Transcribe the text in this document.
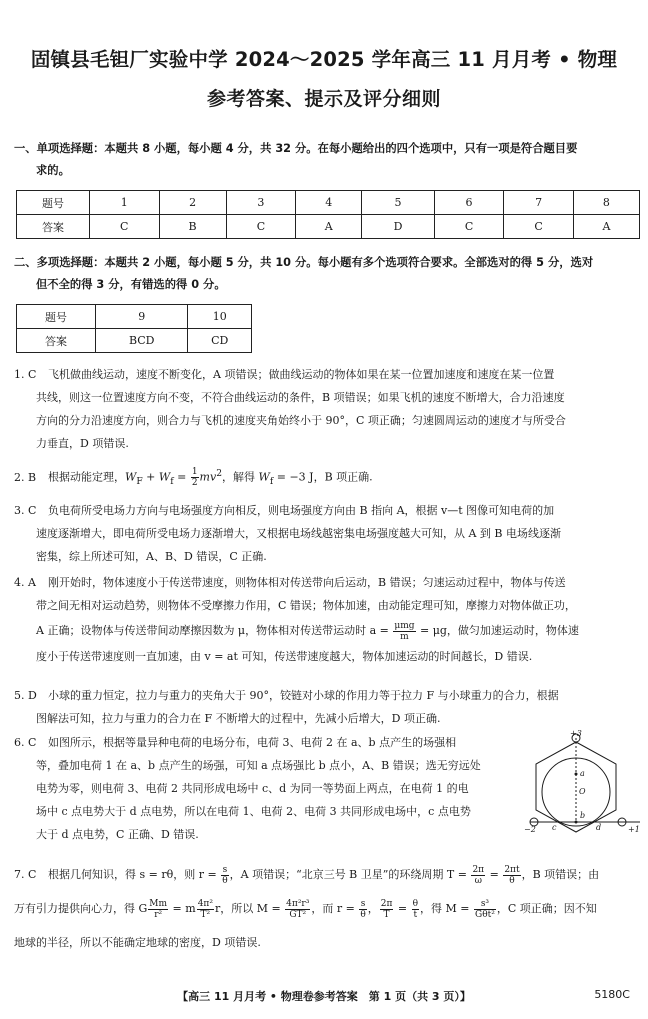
固镇县毛钽厂实验中学 2024～2025 学年高三 11 月月考 • 物理
参考答案、提示及评分细则
一、单项选择题：本题共 8 小题，每小题 4 分，共 32 分。在每小题给出的四个选项中，只有一项是符合题目要
求的。
题号	1	2	3	4	5	6	7	8
答案	C	B	C	A	D	C	C	A
二、多项选择题：本题共 2 小题，每小题 5 分，共 10 分。每小题有多个选项符合要求。全部选对的得 5 分，选对
但不全的得 3 分，有错选的得 0 分。
题号	9	10
答案	BCD	CD
1. C 飞机做曲线运动，速度不断变化，A 项错误；做曲线运动的物体如果在某一位置加速度和速度在某一位置
共线，则这一位置速度方向不变，不符合曲线运动的条件，B 项错误；如果飞机的速度不断增大，合力沿速度
方向的分力沿速度方向，则合力与飞机的速度夹角始终小于 90°，C 项正确；匀速圆周运动的速度才与所受合
力垂直，D 项错误.
2. B 根据动能定理，$W_F + W_f = \frac{1}{2} mv^2$，解得 $W_f = -3$ J，B 项正确.
3. C 负电荷所受电场力方向与电场强度方向相反，则电场强度方向由 B 指向 A，根据 v—t 图像可知电荷的加
速度逐渐增大，即电荷所受电场力逐渐增大，又根据电场线越密集电场强度越大可知，从 A 到 B 电场线逐渐
密集，综上所述可知，A、B、D 错误，C 正确.
4. A 刚开始时，物体速度小于传送带速度，则物体相对传送带向后运动，B 错误；匀速运动过程中，物体与传送
带之间无相对运动趋势，则物体不受摩擦力作用，C 错误；物体加速，由动能定理可知，摩擦力对物体做正功，
A 正确；设物体与传送带间动摩擦因数为 μ，物体相对传送带运动时 $a = \frac{\text{μmg}}{m} = \mu g$，做匀加速运动时，物体速
度小于传送带速度则一直加速，由 v = at 可知，传送带速度越大，物体加速运动的时间越长，D 错误.
5. D 小球的重力恒定，拉力与重力的夹角大于 90°，铰链对小球的作用力等于拉力 F 与小球重力的合力，根据
图解法可知，拉力与重力的合力在 F 不断增大的过程中，先减小后增大，D 项正确.
6. C 如图所示，根据等量异种电荷的电场分布，电荷 3、电荷 2 在 a、b 点产生的场强相
等，叠加电荷 1 在 a、b 点产生的场强，可知 a 点场强比 b 点小，A、B 错误；选无穷远处
电势为零，则电荷 3、电荷 2 共同形成电场中 c、d 为同一等势面上两点，在电荷 1 的电
场中 c 点电势大于 d 点电势，所以在电荷 1、电荷 2、电荷 3 共同形成电场中，c 点电势
大于 d 点电势，C 正确、D 错误.
+3
−2	+1
a
b
c	d
O
7. C 根据几何知识，得 s = rθ，则 $r = \frac{s}{\theta}$ ，A 项错误；“北京三号 B 卫星”的环绕周期 $T = \frac{2\pi}{\omega} = \frac{2\pi t}{\theta}$ ，B 项错误；由
万有引力提供向心力，得 G $\frac{Mm}{\text{r²}} = m \frac{\text{4π²}}{\text{T²}}$ r，所以 $M = \frac{\text{4π²r³}}{\text{GT²}}$ ，而 $r = \frac{s}{\theta}$ ， $\frac{2\pi}{T} = \frac{\theta}{t}$ ，得 $M = \frac{\text{s³}}{\text{Gθt²}}$ ，C 项正确；因不知
地球的半径，所以不能确定地球的密度，D 项错误.
【高三 11 月月考 • 物理卷参考答案　第 1 页（共 3 页）】	5180C
